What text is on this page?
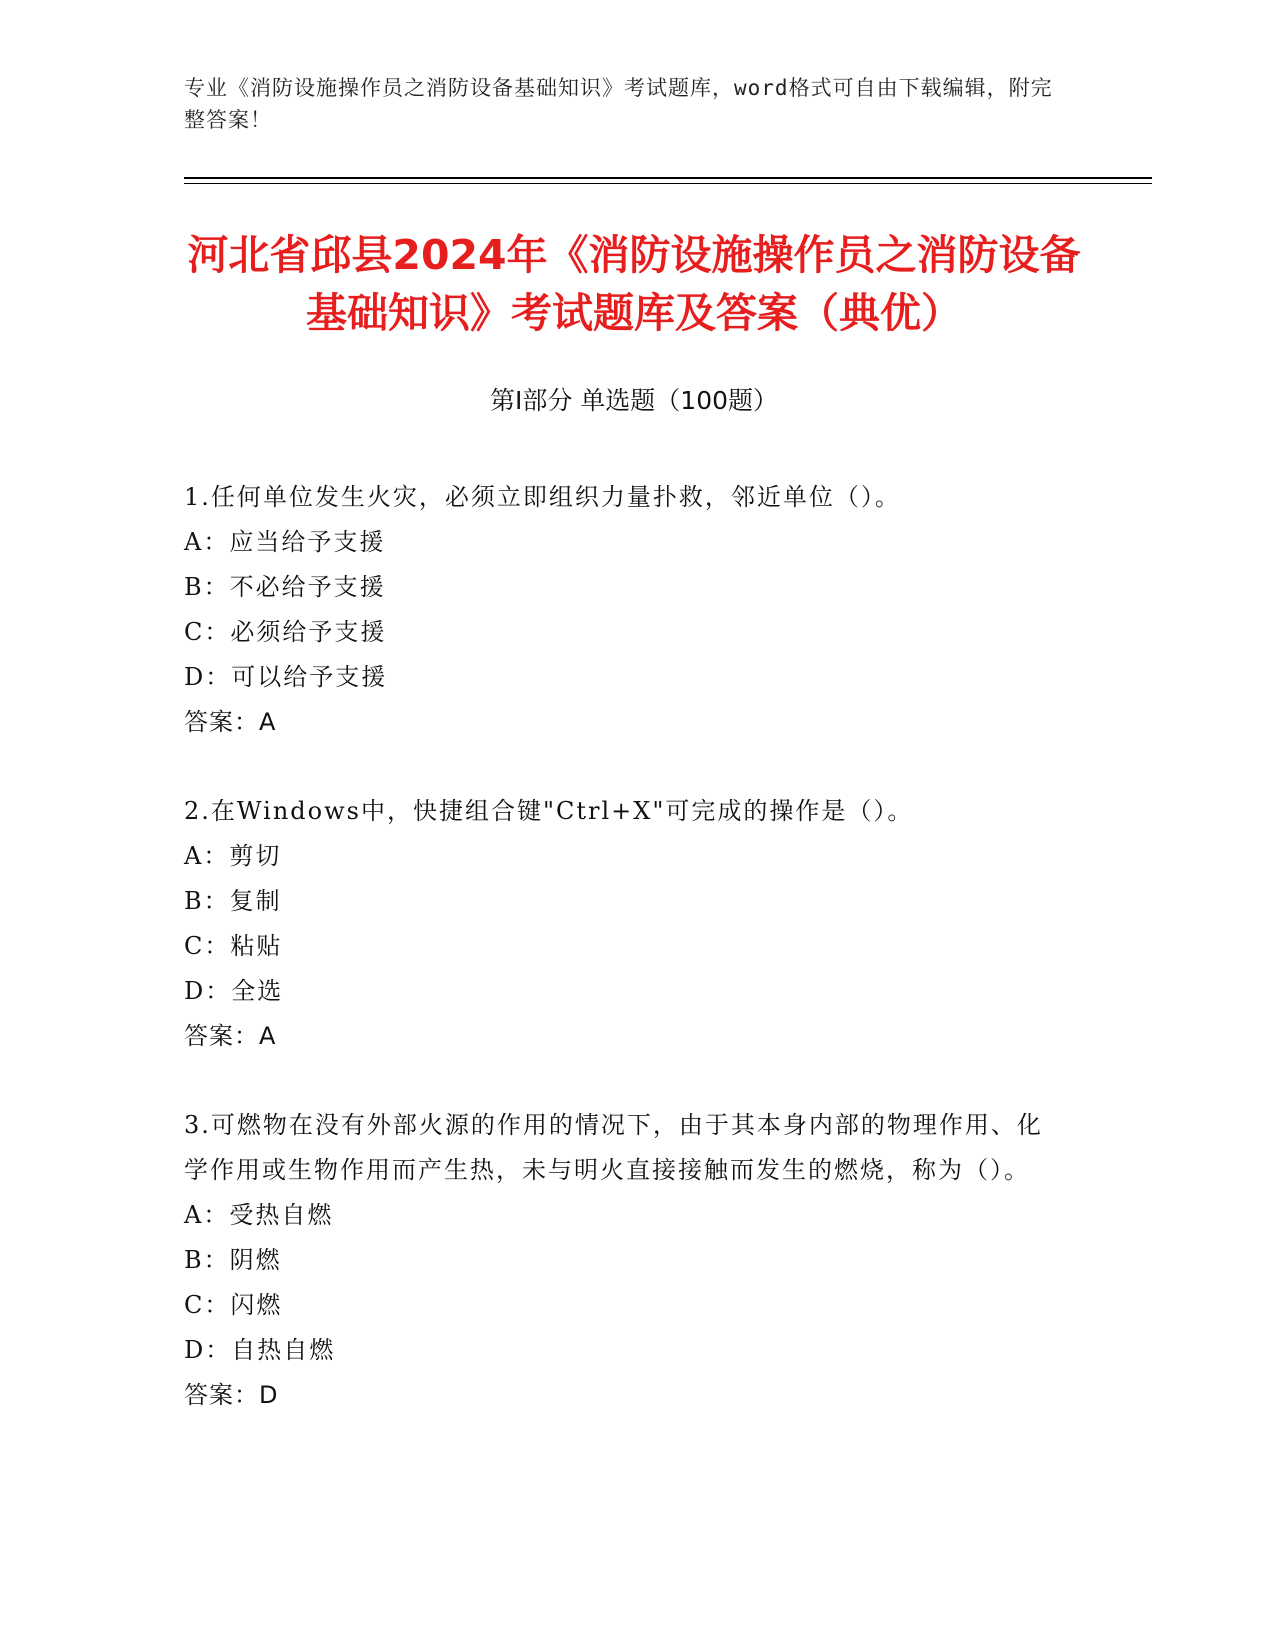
专业《消防设施操作员之消防设备基础知识》考试题库，word格式可自由下载编辑，附完整答案！
河北省邱县2024年《消防设施操作员之消防设备基础知识》考试题库及答案（典优）
第I部分 单选题（100题）
1.任何单位发生火灾，必须立即组织力量扑救，邻近单位（）。
A：应当给予支援
B：不必给予支援
C：必须给予支援
D：可以给予支援
答案：A
2.在Windows中，快捷组合键"Ctrl+X"可完成的操作是（）。
A：剪切
B：复制
C：粘贴
D：全选
答案：A
3.可燃物在没有外部火源的作用的情况下，由于其本身内部的物理作用、化学作用或生物作用而产生热，未与明火直接接触而发生的燃烧，称为（）。
A：受热自燃
B：阴燃
C：闪燃
D：自热自燃
答案：D
